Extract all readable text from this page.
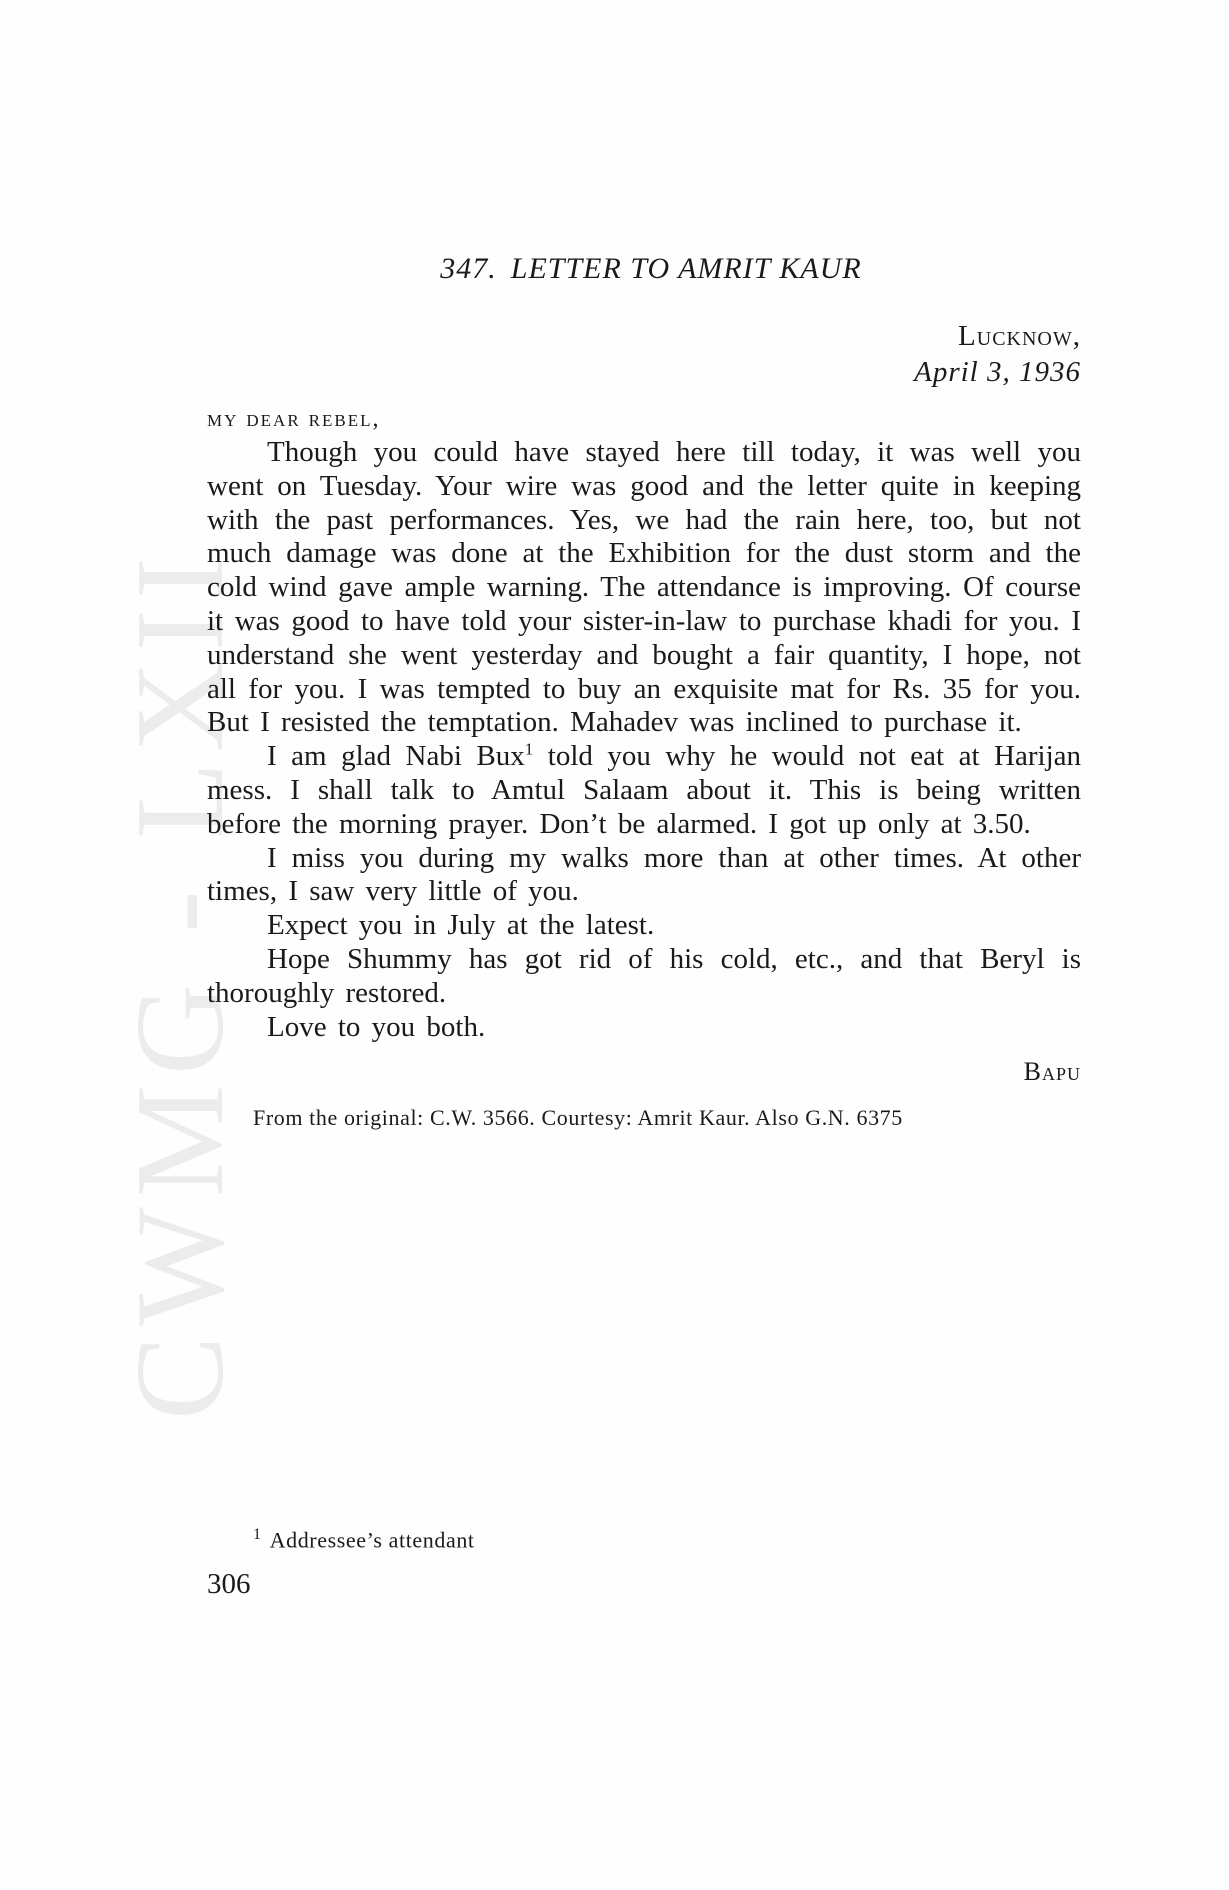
CWMG - LXII
347. LETTER TO AMRIT KAUR
Lucknow,
April 3, 1936
my dear rebel,

Though you could have stayed here till today, it was well you went on Tuesday. Your wire was good and the letter quite in keeping with the past performances. Yes, we had the rain here, too, but not much damage was done at the Exhibition for the dust storm and the cold wind gave ample warning. The attendance is improving. Of course it was good to have told your sister-in-law to purchase khadi for you. I understand she went yesterday and bought a fair quantity, I hope, not all for you. I was tempted to buy an exquisite mat for Rs. 35 for you. But I resisted the temptation. Mahadev was inclined to purchase it.

I am glad Nabi Bux$^1$ told you why he would not eat at Harijan mess. I shall talk to Amtul Salaam about it. This is being written before the morning prayer. Don’t be alarmed. I got up only at 3.50.

I miss you during my walks more than at other times. At other times, I saw very little of you.

Expect you in July at the latest.

Hope Shummy has got rid of his cold, etc., and that Beryl is thoroughly restored.

Love to you both.

Bapu
From the original: C.W. 3566. Courtesy: Amrit Kaur. Also G.N. 6375
$^1$ Addressee’s attendant
306
